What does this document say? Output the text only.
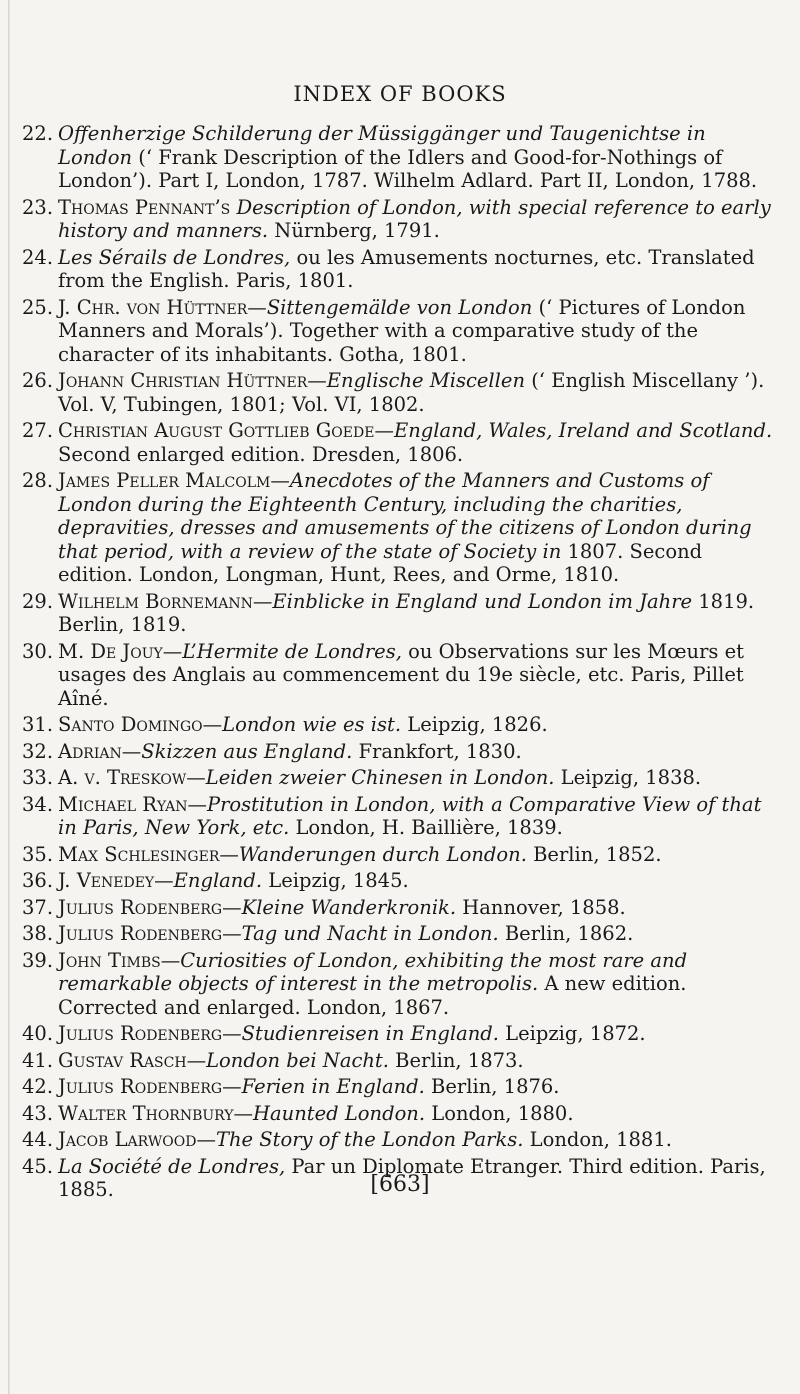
INDEX OF BOOKS
22. Offenherzige Schilderung der Müssiggänger und Taugenichtse in London (‘ Frank Description of the Idlers and Good-for-Nothings of London’). Part I, London, 1787. Wilhelm Adlard. Part II, London, 1788.
23. Thomas Pennant’s Description of London, with special reference to early history and manners. Nürnberg, 1791.
24. Les Sérails de Londres, ou les Amusements nocturnes, etc. Translated from the English. Paris, 1801.
25. J. Chr. von Hüttner—Sittengemälde von London (‘ Pictures of London Manners and Morals’). Together with a comparative study of the character of its inhabitants. Gotha, 1801.
26. Johann Christian Hüttner—Englische Miscellen (‘ English Miscellany ’). Vol. V, Tubingen, 1801; Vol. VI, 1802.
27. Christian August Gottlieb Goede—England, Wales, Ireland and Scotland. Second enlarged edition. Dresden, 1806.
28. James Peller Malcolm—Anecdotes of the Manners and Customs of London during the Eighteenth Century, including the charities, depravities, dresses and amusements of the citizens of London during that period, with a review of the state of Society in 1807. Second edition. London, Longman, Hunt, Rees, and Orme, 1810.
29. Wilhelm Bornemann—Einblicke in England und London im Jahre 1819. Berlin, 1819.
30. M. De Jouy—L’Hermite de Londres, ou Observations sur les Mœurs et usages des Anglais au commencement du 19e siècle, etc. Paris, Pillet Aîné.
31. Santo Domingo—London wie es ist. Leipzig, 1826.
32. Adrian—Skizzen aus England. Frankfort, 1830.
33. A. v. Treskow—Leiden zweier Chinesen in London. Leipzig, 1838.
34. Michael Ryan—Prostitution in London, with a Comparative View of that in Paris, New York, etc. London, H. Baillière, 1839.
35. Max Schlesinger—Wanderungen durch London. Berlin, 1852.
36. J. Venedey—England. Leipzig, 1845.
37. Julius Rodenberg—Kleine Wanderkronik. Hannover, 1858.
38. Julius Rodenberg—Tag und Nacht in London. Berlin, 1862.
39. John Timbs—Curiosities of London, exhibiting the most rare and remarkable objects of interest in the metropolis. A new edition. Corrected and enlarged. London, 1867.
40. Julius Rodenberg—Studienreisen in England. Leipzig, 1872.
41. Gustav Rasch—London bei Nacht. Berlin, 1873.
42. Julius Rodenberg—Ferien in England. Berlin, 1876.
43. Walter Thornbury—Haunted London. London, 1880.
44. Jacob Larwood—The Story of the London Parks. London, 1881.
45. La Société de Londres, Par un Diplomate Etranger. Third edition. Paris, 1885.	[663]
